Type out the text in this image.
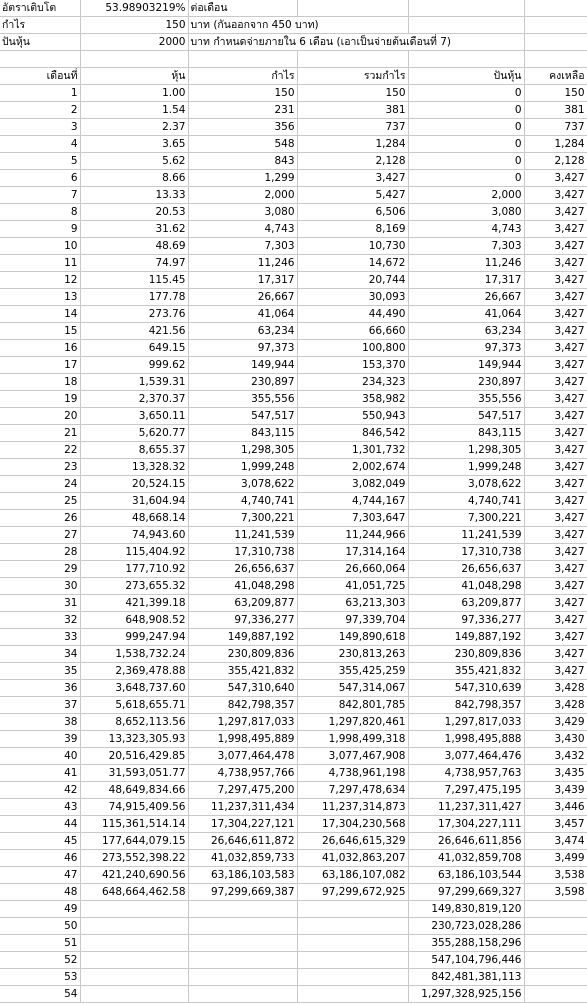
อัตราเติบโต	53.98903219%	ต่อเดือน			
กำไร	150	บาท (กันออกจาก 450 บาท)			
ปันหุ้น	2000	บาท กำหนดจ่ายภายใน 6 เดือน (เอาเป็นจ่ายต้นเดือนที่ 7)			

เดือนที่	หุ้น	กำไร	รวมกำไร	ปันหุ้น	คงเหลือ
1	1.00	150	150	0	150
2	1.54	231	381	0	381
3	2.37	356	737	0	737
4	3.65	548	1,284	0	1,284
5	5.62	843	2,128	0	2,128
6	8.66	1,299	3,427	0	3,427
7	13.33	2,000	5,427	2,000	3,427
8	20.53	3,080	6,506	3,080	3,427
9	31.62	4,743	8,169	4,743	3,427
10	48.69	7,303	10,730	7,303	3,427
11	74.97	11,246	14,672	11,246	3,427
12	115.45	17,317	20,744	17,317	3,427
13	177.78	26,667	30,093	26,667	3,427
14	273.76	41,064	44,490	41,064	3,427
15	421.56	63,234	66,660	63,234	3,427
16	649.15	97,373	100,800	97,373	3,427
17	999.62	149,944	153,370	149,944	3,427
18	1,539.31	230,897	234,323	230,897	3,427
19	2,370.37	355,556	358,982	355,556	3,427
20	3,650.11	547,517	550,943	547,517	3,427
21	5,620.77	843,115	846,542	843,115	3,427
22	8,655.37	1,298,305	1,301,732	1,298,305	3,427
23	13,328.32	1,999,248	2,002,674	1,999,248	3,427
24	20,524.15	3,078,622	3,082,049	3,078,622	3,427
25	31,604.94	4,740,741	4,744,167	4,740,741	3,427
26	48,668.14	7,300,221	7,303,647	7,300,221	3,427
27	74,943.60	11,241,539	11,244,966	11,241,539	3,427
28	115,404.92	17,310,738	17,314,164	17,310,738	3,427
29	177,710.92	26,656,637	26,660,064	26,656,637	3,427
30	273,655.32	41,048,298	41,051,725	41,048,298	3,427
31	421,399.18	63,209,877	63,213,303	63,209,877	3,427
32	648,908.52	97,336,277	97,339,704	97,336,277	3,427
33	999,247.94	149,887,192	149,890,618	149,887,192	3,427
34	1,538,732.24	230,809,836	230,813,263	230,809,836	3,427
35	2,369,478.88	355,421,832	355,425,259	355,421,832	3,427
36	3,648,737.60	547,310,640	547,314,067	547,310,639	3,428
37	5,618,655.71	842,798,357	842,801,785	842,798,357	3,428
38	8,652,113.56	1,297,817,033	1,297,820,461	1,297,817,033	3,429
39	13,323,305.93	1,998,495,889	1,998,499,318	1,998,495,888	3,430
40	20,516,429.85	3,077,464,478	3,077,467,908	3,077,464,476	3,432
41	31,593,051.77	4,738,957,766	4,738,961,198	4,738,957,763	3,435
42	48,649,834.66	7,297,475,200	7,297,478,634	7,297,475,195	3,439
43	74,915,409.56	11,237,311,434	11,237,314,873	11,237,311,427	3,446
44	115,361,514.14	17,304,227,121	17,304,230,568	17,304,227,111	3,457
45	177,644,079.15	26,646,611,872	26,646,615,329	26,646,611,856	3,474
46	273,552,398.22	41,032,859,733	41,032,863,207	41,032,859,708	3,499
47	421,240,690.56	63,186,103,583	63,186,107,082	63,186,103,544	3,538
48	648,664,462.58	97,299,669,387	97,299,672,925	97,299,669,327	3,598
49				149,830,819,120	
50				230,723,028,286	
51				355,288,158,296	
52				547,104,796,446	
53				842,481,381,113	
54				1,297,328,925,156	
